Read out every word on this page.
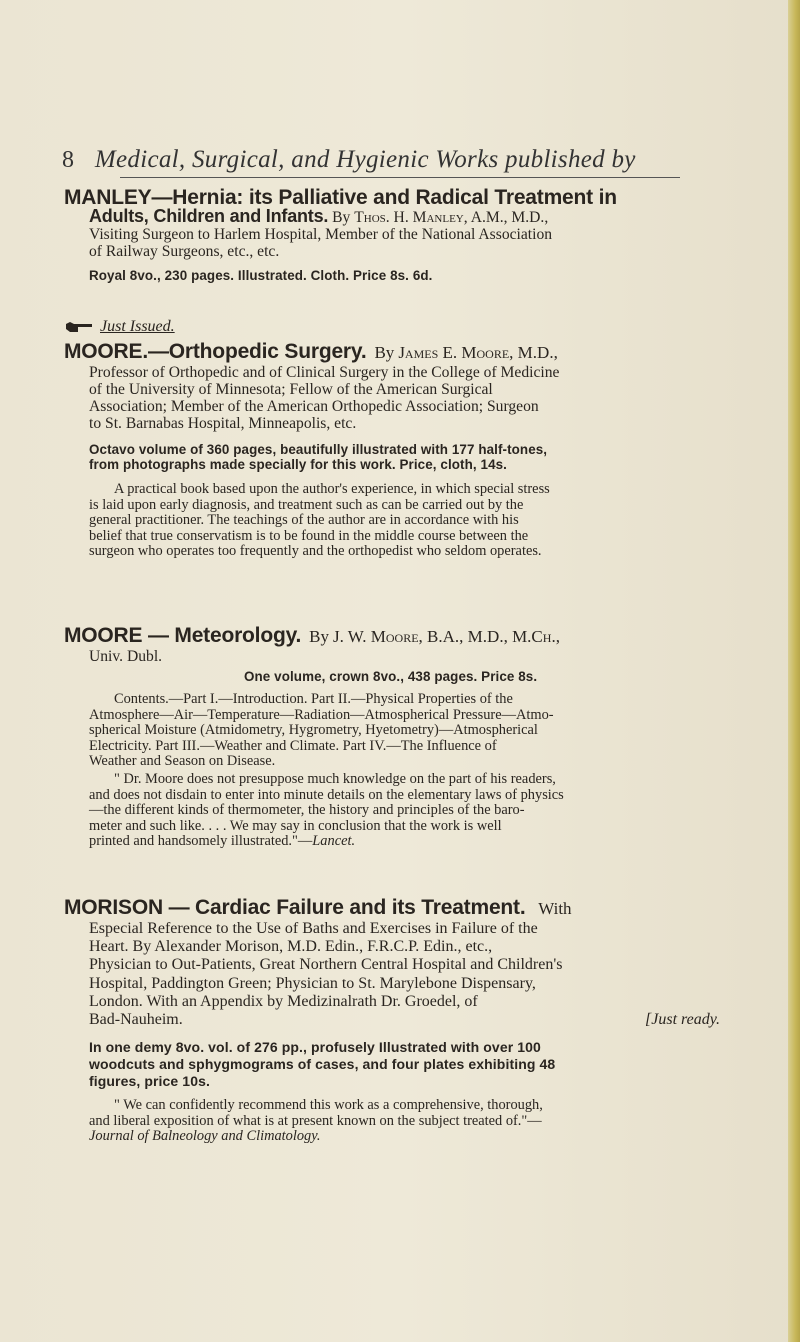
8 Medical, Surgical, and Hygienic Works published by
MANLEY—Hernia: its Palliative and Radical Treatment in
Adults, Children and Infants. By Thos. H. Manley, A.M., M.D.,
Visiting Surgeon to Harlem Hospital, Member of the National Association
of Railway Surgeons, etc., etc.
Royal 8vo., 230 pages. Illustrated. Cloth. Price 8s. 6d.
Just Issued.
MOORE.—Orthopedic Surgery. By James E. Moore, M.D.,
Professor of Orthopedic and of Clinical Surgery in the College of Medicine
of the University of Minnesota; Fellow of the American Surgical
Association; Member of the American Orthopedic Association; Surgeon
to St. Barnabas Hospital, Minneapolis, etc.
Octavo volume of 360 pages, beautifully illustrated with 177 half-tones,
from photographs made specially for this work. Price, cloth, 14s.
A practical book based upon the author's experience, in which special stress
is laid upon early diagnosis, and treatment such as can be carried out by the
general practitioner. The teachings of the author are in accordance with his
belief that true conservatism is to be found in the middle course between the
surgeon who operates too frequently and the orthopedist who seldom operates.
MOORE — Meteorology. By J. W. Moore, B.A., M.D., M.Ch.,
Univ. Dubl.
One volume, crown 8vo., 438 pages. Price 8s.
Contents.—Part I.—Introduction. Part II.—Physical Properties of the
Atmosphere—Air—Temperature—Radiation—Atmospherical Pressure—Atmo-
spherical Moisture (Atmidometry, Hygrometry, Hyetometry)—Atmospherical
Electricity. Part III.—Weather and Climate. Part IV.—The Influence of
Weather and Season on Disease.
" Dr. Moore does not presuppose much knowledge on the part of his readers,
and does not disdain to enter into minute details on the elementary laws of physics
—the different kinds of thermometer, the history and principles of the baro-
meter and such like. . . . We may say in conclusion that the work is well
printed and handsomely illustrated."—Lancet.
MORISON — Cardiac Failure and its Treatment. With
Especial Reference to the Use of Baths and Exercises in Failure of the
Heart. By Alexander Morison, M.D. Edin., F.R.C.P. Edin., etc.,
Physician to Out-Patients, Great Northern Central Hospital and Children's
Hospital, Paddington Green; Physician to St. Marylebone Dispensary,
London. With an Appendix by Medizinalrath Dr. Groedel, of
Bad-Nauheim.	[Just ready.
In one demy 8vo. vol. of 276 pp., profusely Illustrated with over 100
woodcuts and sphygmograms of cases, and four plates exhibiting 48
figures, price 10s.
" We can confidently recommend this work as a comprehensive, thorough,
and liberal exposition of what is at present known on the subject treated of."—
Journal of Balneology and Climatology.
